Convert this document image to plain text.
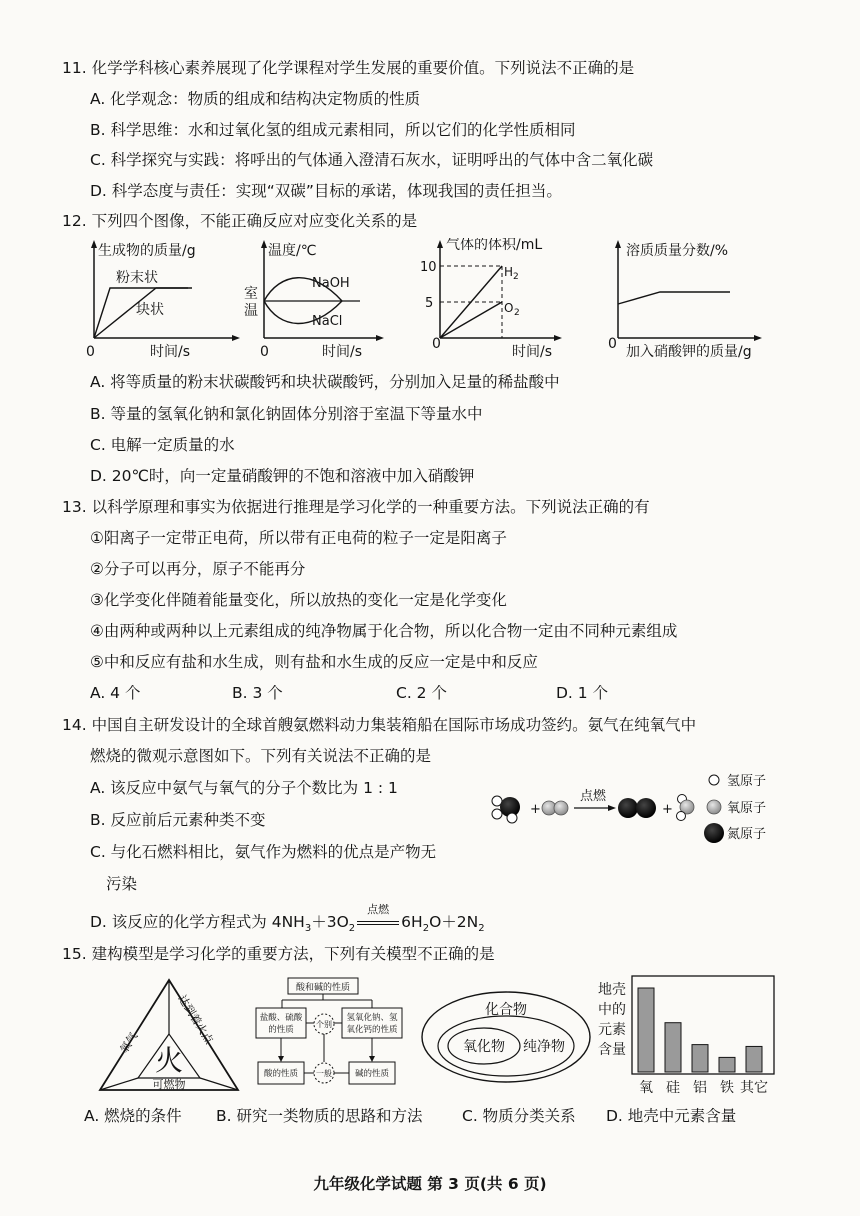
11. 化学学科核心素养展现了化学课程对学生发展的重要价值。下列说法不正确的是
A. 化学观念：物质的组成和结构决定物质的性质
B. 科学思维：水和过氧化氢的组成元素相同，所以它们的化学性质相同
C. 科学探究与实践：将呼出的气体通入澄清石灰水，证明呼出的气体中含二氧化碳
D. 科学态度与责任：实现“双碳”目标的承诺，体现我国的责任担当。
12. 下列四个图像，不能正确反应对应变化关系的是
生成物的质量/g
粉末状
块状
0	时间/s
温度/℃
室
温
NaOH
NaCl
0	时间/s
气体的体积/mL
10
5
H 2
O 2
0	时间/s
溶质质量分数/%
0 加入硝酸钾的质量/g
A. 将等质量的粉末状碳酸钙和块状碳酸钙，分别加入足量的稀盐酸中
B. 等量的氢氧化钠和氯化钠固体分别溶于室温下等量水中
C. 电解一定质量的水
D. 20℃时，向一定量硝酸钾的不饱和溶液中加入硝酸钾
13. 以科学原理和事实为依据进行推理是学习化学的一种重要方法。下列说法正确的有
①阳离子一定带正电荷，所以带有正电荷的粒子一定是阳离子
②分子可以再分，原子不能再分
③化学变化伴随着能量变化，所以放热的变化一定是化学变化
④由两种或两种以上元素组成的纯净物属于化合物，所以化合物一定由不同种元素组成
⑤中和反应有盐和水生成，则有盐和水生成的反应一定是中和反应
A. 4 个	B. 3 个	C. 2 个	D. 1 个
14. 中国自主研发设计的全球首艘氨燃料动力集装箱船在国际市场成功签约。氨气在纯氧气中
燃烧的微观示意图如下。下列有关说法不正确的是
A. 该反应中氨气与氧气的分子个数比为 1 : 1
B. 反应前后元素种类不变
C. 与化石燃料相比，氨气作为燃料的优点是产物无
污染
D. 该反应的化学方程式为 $4NH_3+3O_2$
点燃
$6H_2O+2N_2$
+
点燃
+
氢原子
氧原子
氮原子
15. 建构模型是学习化学的重要方法，下列有关模型不正确的是
火
氧气	达到着火点
可燃物
酸和碱的性质
盐酸、硫酸
的性质
氢氧化钠、氢
氧化钙的性质
个别
酸的性质 一般	碱的性质
化合物
氧化物 纯净物
地壳
中的
元素
含量
氧 硅 铝 铁 其它
A. 燃烧的条件 B. 研究一类物质的思路和方法	C. 物质分类关系 D. 地壳中元素含量
九年级化学试题 第 3 页(共 6 页)
